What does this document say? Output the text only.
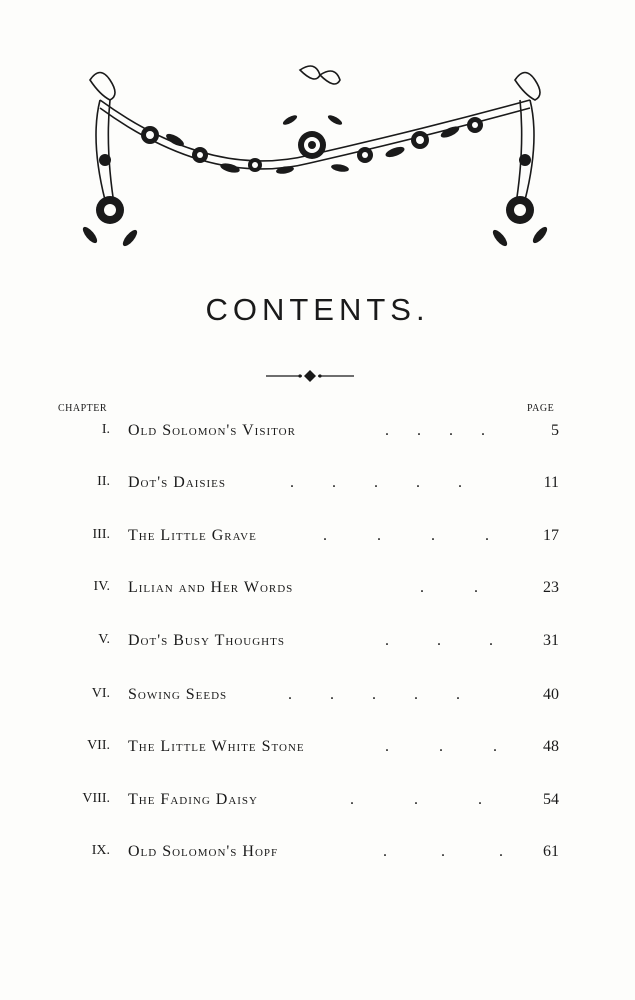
CONTENTS.
CHAPTER	PAGE
I. Old Solomon's Visitor	. . . .	5
II. Dot's Daisies	. . . . .	11
III. The Little Grave	. . . .	17
IV. Lilian and Her Words	. .	23
V. Dot's Busy Thoughts	. . .	31
VI. Sowing Seeds	. . . . .	40
VII. The Little White Stone	. . .	48
VIII. The Fading Daisy	. . .	54
IX. Old Solomon's Hopf	. . .	61
